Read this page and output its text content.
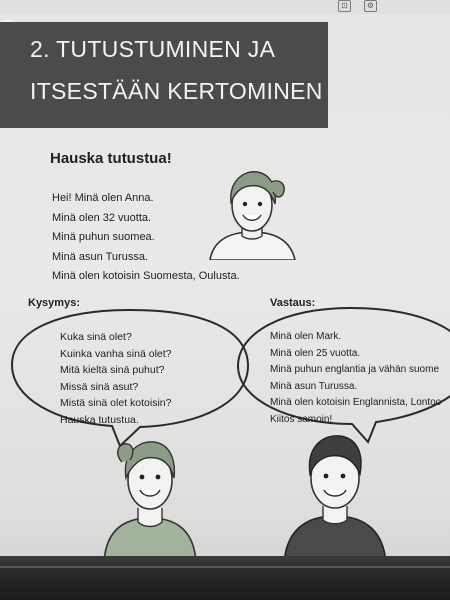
⊡	⚙
2. TUTUSTUMINEN JA
ITSESTÄÄN KERTOMINEN
Hauska tutustua!
Hei! Minä olen Anna.
Minä olen 32 vuotta.
Minä puhun suomea.
Minä asun Turussa.
Minä olen kotoisin Suomesta, Oulusta.
Kysymys:	Vastaus:
Kuka sinä olet?
Kuinka vanha sinä olet?
Mitä kieltä sinä puhut?
Missä sinä asut?
Mistä sinä olet kotoisin?
Hauska tutustua.
Minä olen Mark.
Minä olen 25 vuotta.
Minä puhun englantia ja vähän suome
Minä asun Turussa.
Minä olen kotoisin Englannista, Lontoo
Kiitos samoin!
